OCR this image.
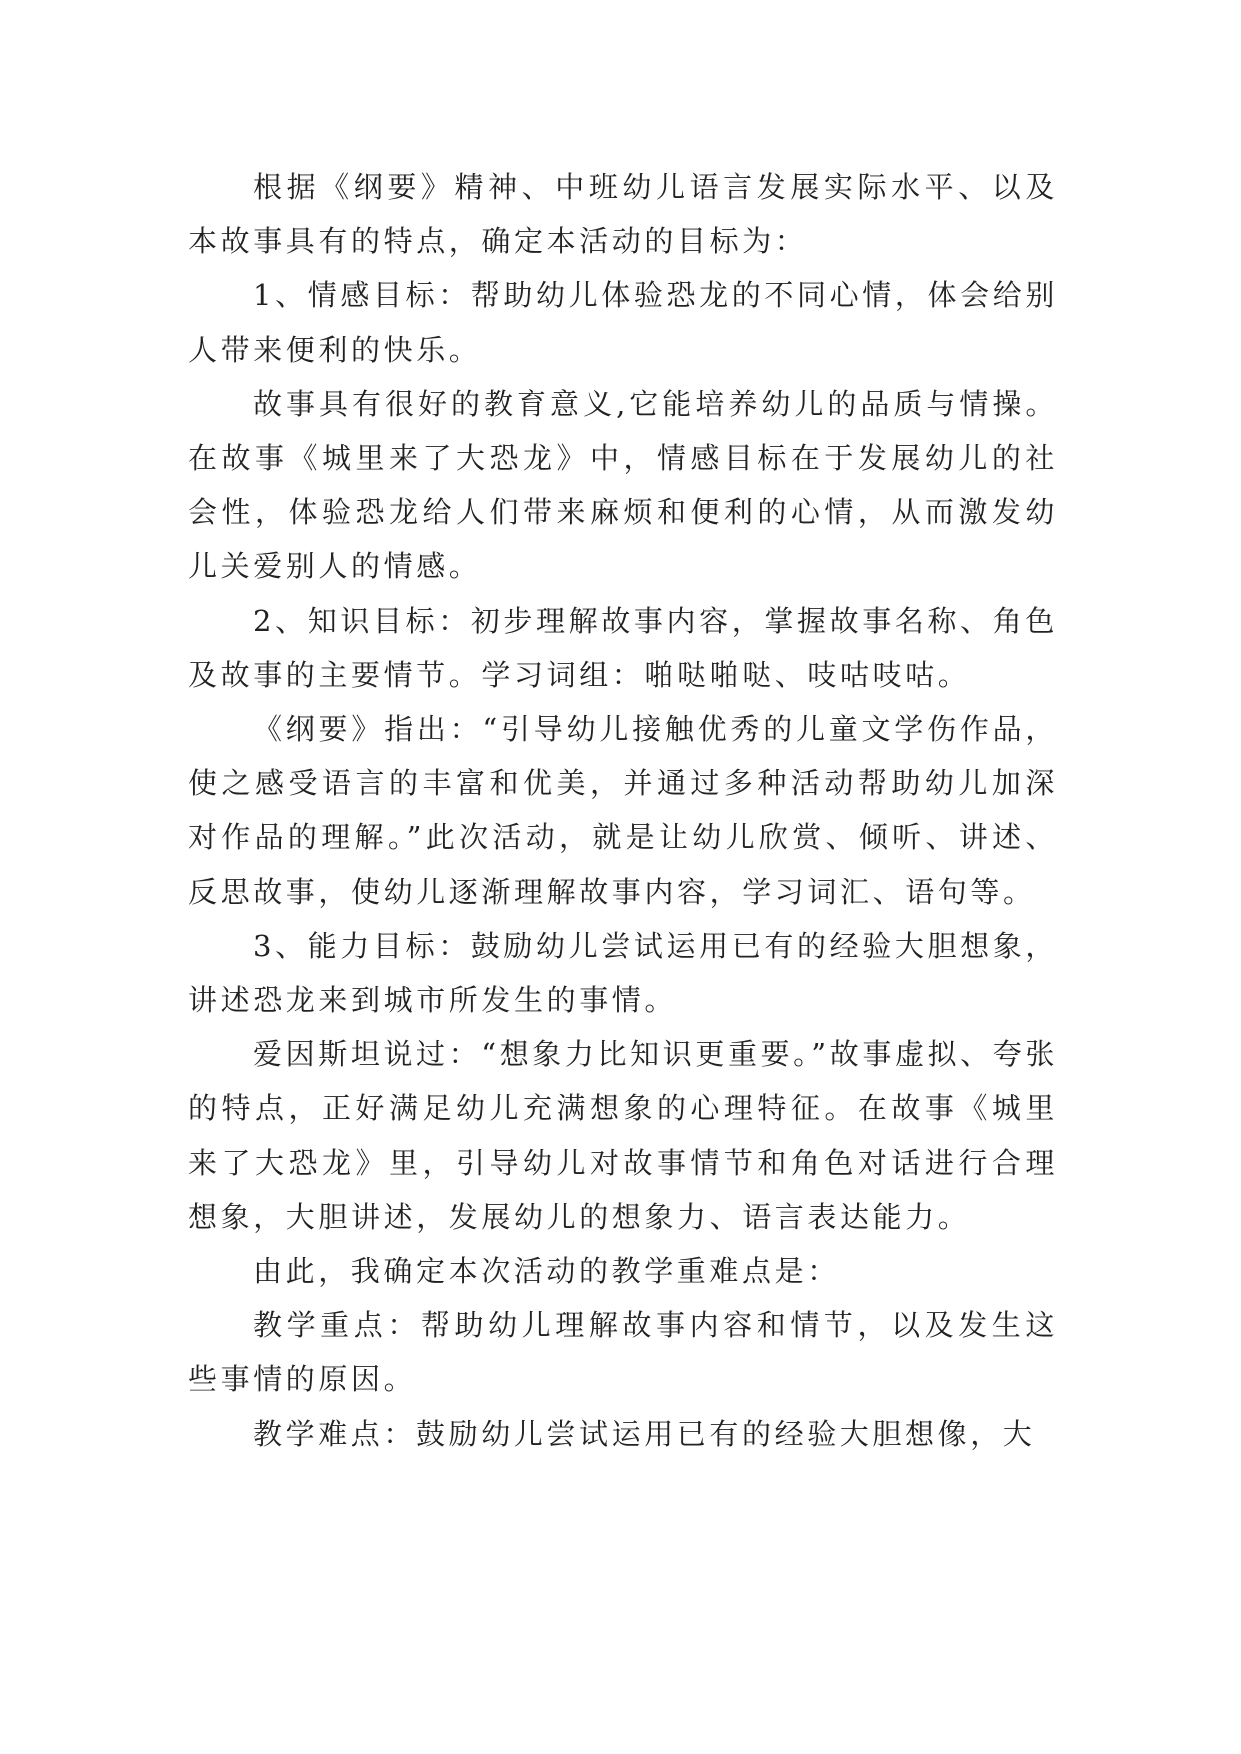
根据《纲要》精神、中班幼儿语言发展实际水平、以及本故事具有的特点，确定本活动的目标为：

1、情感目标：帮助幼儿体验恐龙的不同心情，体会给别人带来便利的快乐。

故事具有很好的教育意义,它能培养幼儿的品质与情操。在故事《城里来了大恐龙》中，情感目标在于发展幼儿的社会性，体验恐龙给人们带来麻烦和便利的心情，从而激发幼儿关爱别人的情感。

2、知识目标：初步理解故事内容，掌握故事名称、角色及故事的主要情节。学习词组：啪哒啪哒、吱咕吱咕。

《纲要》指出：“引导幼儿接触优秀的儿童文学伤作品，使之感受语言的丰富和优美，并通过多种活动帮助幼儿加深对作品的理解。”此次活动，就是让幼儿欣赏、倾听、讲述、反思故事，使幼儿逐渐理解故事内容，学习词汇、语句等。

3、能力目标：鼓励幼儿尝试运用已有的经验大胆想象，讲述恐龙来到城市所发生的事情。

爱因斯坦说过：“想象力比知识更重要。”故事虚拟、夸张的特点，正好满足幼儿充满想象的心理特征。在故事《城里来了大恐龙》里，引导幼儿对故事情节和角色对话进行合理想象，大胆讲述，发展幼儿的想象力、语言表达能力。

由此，我确定本次活动的教学重难点是：

教学重点：帮助幼儿理解故事内容和情节，以及发生这些事情的原因。

教学难点：鼓励幼儿尝试运用已有的经验大胆想像，大
